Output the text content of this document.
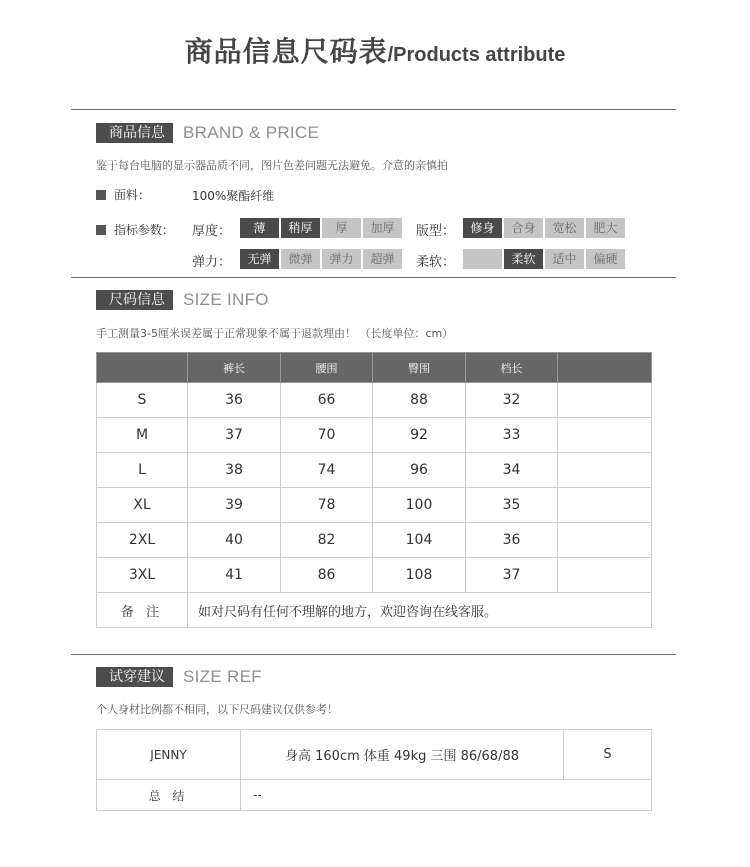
商品信息尺码表/Products attribute
商品信息	BRAND & PRICE
鉴于每台电脑的显示器品质不同，图片色差问题无法避免。介意的亲慎拍
面料：	100%聚酯纤维
指标参数： 厚度：	薄	稍厚	厚	加厚	版型：	修身	合身	宽松	肥大
弹力：	无弹	微弹	弹力	超弹	柔软：	柔软	适中	偏硬
尺码信息	SIZE INFO
手工测量3-5厘米误差属于正常现象不属于退款理由！ （长度单位：cm）
	裤长	腰围	臀围	档长	
S	36	66	88	32	
M	37	70	92	33	
L	38	74	96	34	
XL	39	78	100	35	
2XL	40	82	104	36	
3XL	41	86	108	37	
备 注	如对尺码有任何不理解的地方，欢迎咨询在线客服。				
试穿建议	SIZE REF
个人身材比例都不相同，以下尺码建议仅供参考！
JENNY	身高 160cm 体重 49kg 三围 86/68/88	S
总 结	--	
